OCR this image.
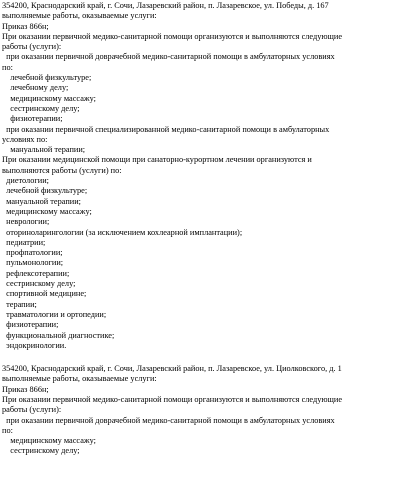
354200, Краснодарский край, г. Сочи, Лазаревский район, п. Лазаревское, ул. Победы, д. 167

выполняемые работы, оказываемые услуги:

Приказ 866н;

При оказании первичной медико-санитарной помощи организуются и выполняются следующие

работы (услуги):

при оказании первичной доврачебной медико-санитарной помощи в амбулаторных условиях

по:

лечебной физкультуре;

лечебному делу;

медицинскому массажу;

сестринскому делу;

физиотерапии;

при оказании первичной специализированной медико-санитарной помощи в амбулаторных

условиях по:

мануальной терапии;

При оказании медицинской помощи при санаторно-курортном лечении организуются и

выполняются работы (услуги) по:

диетологии;

лечебной физкультуре;

мануальной терапии;

медицинскому массажу;

неврологии;

оториноларингологии (за исключением кохлеарной имплантации);

педиатрии;

профпатологии;

пульмонологии;

рефлексотерапии;

сестринскому делу;

спортивной медицине;

терапии;

травматологии и ортопедии;

физиотерапии;

функциональной диагностике;

эндокринологии.

354200, Краснодарский край, г. Сочи, Лазаревский район, п. Лазаревское, ул. Циолковского, д. 1

выполняемые работы, оказываемые услуги:

Приказ 866н;

При оказании первичной медико-санитарной помощи организуются и выполняются следующие

работы (услуги):

при оказании первичной доврачебной медико-санитарной помощи в амбулаторных условиях

по:

медицинскому массажу;

сестринскому делу;
